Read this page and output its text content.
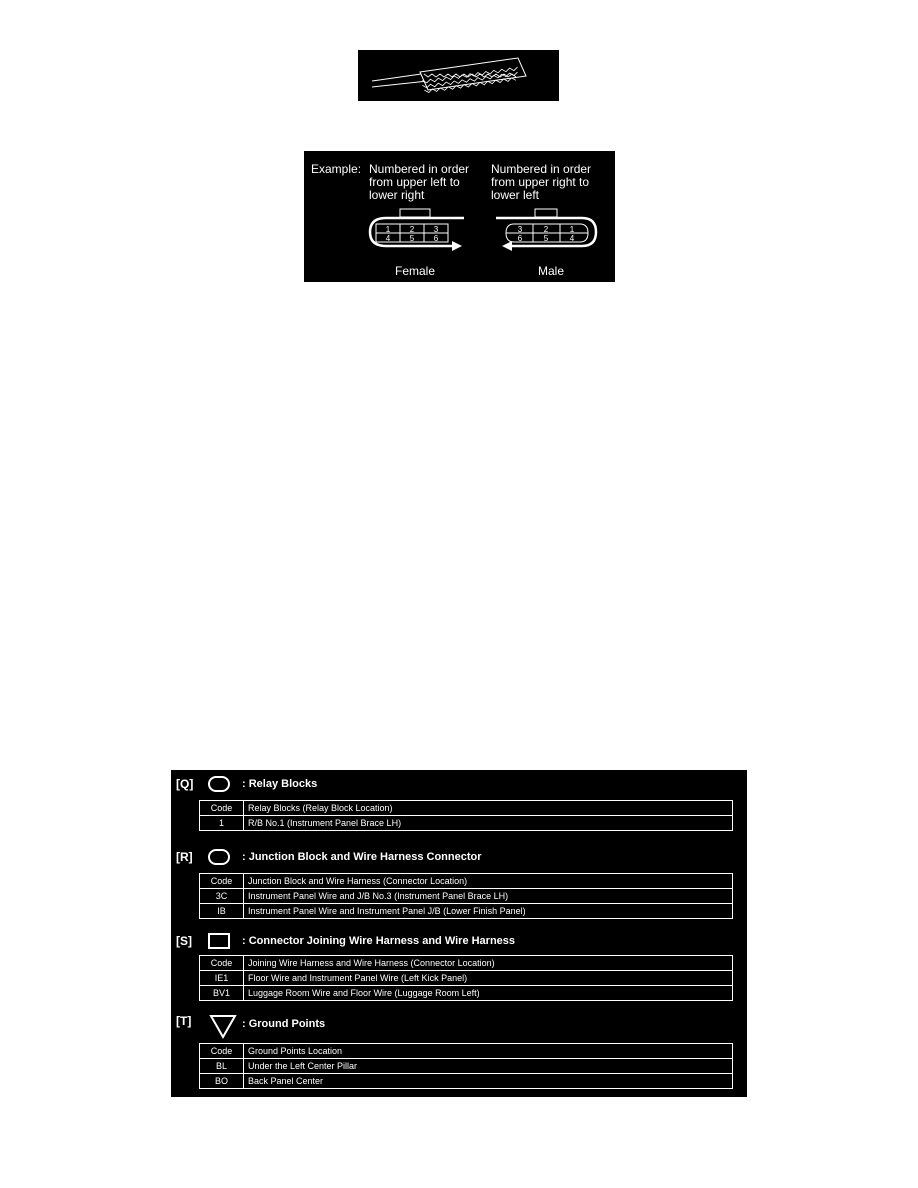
Example: Numbered in order
from upper left to
lower right
Numbered in order
from upper right to
lower left
1 2 3
4 5 6
Female
3	2	1
6	5	4
Male
[Q]	: Relay Blocks
Code	Relay Blocks (Relay Block Location)
1	R/B No.1 (Instrument Panel Brace LH)
[R]	: Junction Block and Wire Harness Connector
Code	Junction Block and Wire Harness (Connector Location)
3C	Instrument Panel Wire and J/B No.3 (Instrument Panel Brace LH)
IB	Instrument Panel Wire and Instrument Panel J/B (Lower Finish Panel)
[S]	: Connector Joining Wire Harness and Wire Harness
Code	Joining Wire Harness and Wire Harness (Connector Location)
IE1	Floor Wire and Instrument Panel Wire (Left Kick Panel)
BV1	Luggage Room Wire and Floor Wire (Luggage Room Left)
[T]	: Ground Points
Code	Ground Points Location
BL	Under the Left Center Pillar
BO	Back Panel Center
